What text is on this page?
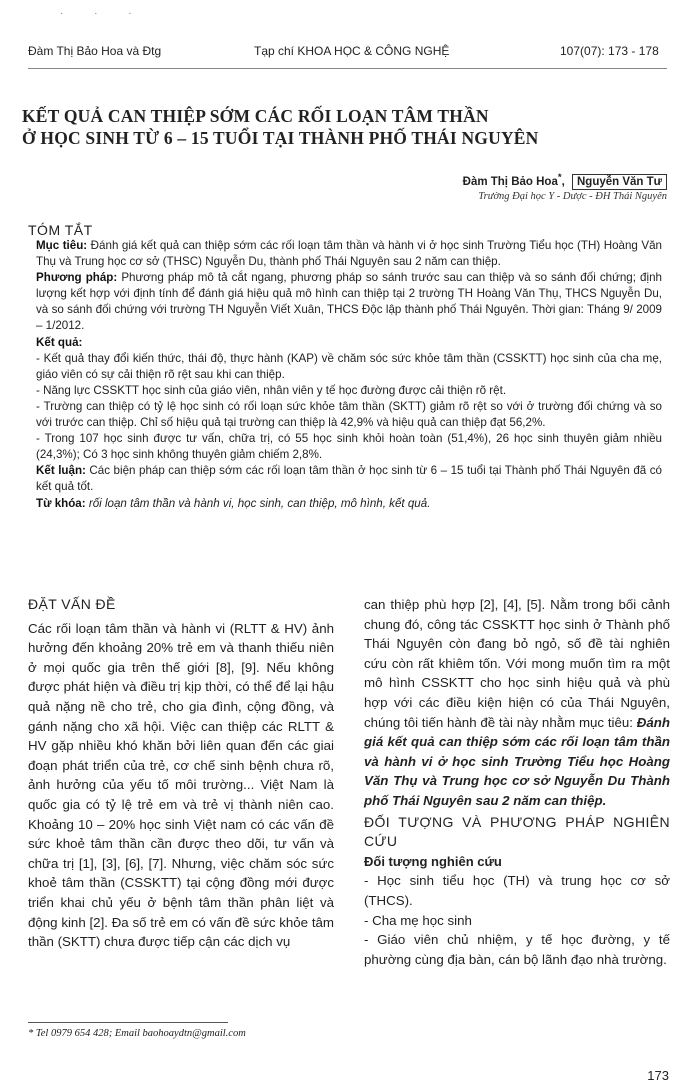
· · ·
Đàm Thị Bảo Hoa và Đtg	Tạp chí KHOA HỌC & CÔNG NGHỆ	107(07): 173 - 178
KẾT QUẢ CAN THIỆP SỚM CÁC RỐI LOẠN TÂM THẦN
Ở HỌC SINH TỪ 6 – 15 TUỔI TẠI THÀNH PHỐ THÁI NGUYÊN
Đàm Thị Bảo Hoa*, Nguyễn Văn Tư
Trường Đại học Y - Dược - ĐH Thái Nguyên
TÓM TẮT

Mục tiêu: Đánh giá kết quả can thiệp sớm các rối loạn tâm thần và hành vi ở học sinh Trường Tiểu học (TH) Hoàng Văn Thụ và Trung học cơ sở (THSC) Nguyễn Du, thành phố Thái Nguyên sau 2 năm can thiệp.

Phương pháp: Phương pháp mô tả cắt ngang, phương pháp so sánh trước sau can thiệp và so sánh đối chứng; định lượng kết hợp với định tính để đánh giá hiệu quả mô hình can thiệp tại 2 trường TH Hoàng Văn Thụ, THCS Nguyễn Du, và so sánh đối chứng với trường TH Nguyễn Viết Xuân, THCS Độc lập thành phố Thái Nguyên. Thời gian: Tháng 9/ 2009 – 1/2012.

Kết quả:

- Kết quả thay đổi kiến thức, thái độ, thực hành (KAP) về chăm sóc sức khỏe tâm thần (CSSKTT) học sinh của cha mẹ, giáo viên có sự cải thiện rõ rệt sau khi can thiệp.

- Năng lực CSSKTT học sinh của giáo viên, nhân viên y tế học đường được cải thiện rõ rệt.

- Trường can thiệp có tỷ lệ học sinh có rối loạn sức khỏe tâm thần (SKTT) giảm rõ rệt so với ở trường đối chứng và so với trước can thiệp. Chỉ số hiệu quả tại trường can thiệp là 42,9% và hiệu quả can thiệp đạt 56,2%.

- Trong 107 học sinh được tư vấn, chữa trị, có 55 học sinh khỏi hoàn toàn (51,4%), 26 học sinh thuyên giảm nhiều (24,3%); Có 3 học sinh không thuyên giảm chiếm 2,8%.

Kết luận: Các biện pháp can thiệp sớm các rối loạn tâm thần ở học sinh từ 6 – 15 tuổi tại Thành phố Thái Nguyên đã có kết quả tốt.

Từ khóa: rối loạn tâm thần và hành vi, học sinh, can thiệp, mô hình, kết quả.

ĐẶT VẤN ĐỀ

Các rối loạn tâm thần và hành vi (RLTT & HV) ảnh hưởng đến khoảng 20% trẻ em và thanh thiếu niên ở mọi quốc gia trên thế giới [8], [9]. Nếu không được phát hiện và điều trị kịp thời, có thể để lại hậu quả nặng nề cho trẻ, cho gia đình, cộng đồng, và gánh nặng cho xã hội. Việc can thiệp các RLTT & HV gặp nhiều khó khăn bởi liên quan đến các giai đoạn phát triển của trẻ, cơ chế sinh bệnh chưa rõ, ảnh hưởng của yếu tố môi trường... Việt Nam là quốc gia có tỷ lệ trẻ em và trẻ vị thành niên cao. Khoảng 10 – 20% học sinh Việt nam có các vấn đề sức khoẻ tâm thần cần được theo dõi, tư vấn và chữa trị [1], [3], [6], [7]. Nhưng, việc chăm sóc sức khoẻ tâm thần (CSSKTT) tại cộng đồng mới được triển khai chủ yếu ở bệnh tâm thần phân liệt và động kinh [2]. Đa số trẻ em có vấn đề sức khỏe tâm thần (SKTT) chưa được tiếp cận các dịch vụ

can thiệp phù hợp [2], [4], [5]. Nằm trong bối cảnh chung đó, công tác CSSKTT học sinh ở Thành phố Thái Nguyên còn đang bỏ ngỏ, số đề tài nghiên cứu còn rất khiêm tốn. Với mong muốn tìm ra một mô hình CSSKTT cho học sinh hiệu quả và phù hợp với các điều kiện hiện có của Thái Nguyên, chúng tôi tiến hành đề tài này nhằm mục tiêu: Đánh giá kết quả can thiệp sớm các rối loạn tâm thần và hành vi ở học sinh Trường Tiểu học Hoàng Văn Thụ và Trung học cơ sở Nguyễn Du Thành phố Thái Nguyên sau 2 năm can thiệp.

ĐỐI TƯỢNG VÀ PHƯƠNG PHÁP NGHIÊN CỨU

Đối tượng nghiên cứu

- Học sinh tiểu học (TH) và trung học cơ sở (THCS).

- Cha mẹ học sinh

- Giáo viên chủ nhiệm, y tế học đường, y tế phường cùng địa bàn, cán bộ lãnh đạo nhà trường.

* Tel 0979 654 428; Email baohoaydtn@gmail.com
173
